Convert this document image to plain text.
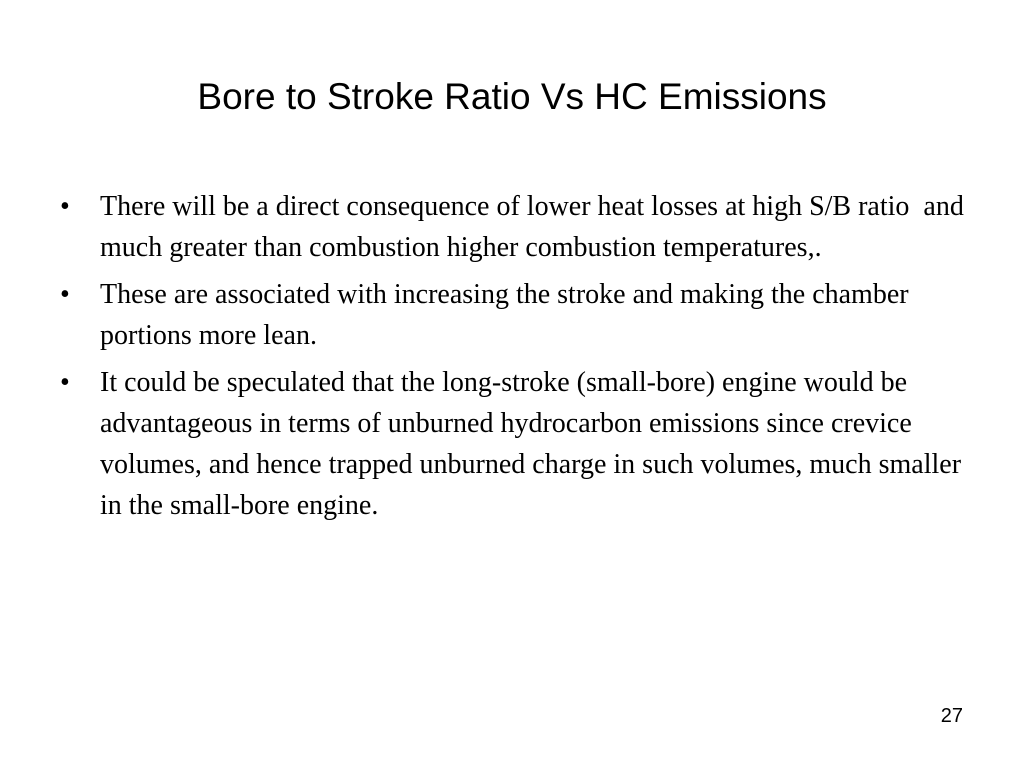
Bore to Stroke Ratio Vs HC Emissions
• There will be a direct consequence of lower heat losses at high S/B ratio  and much greater than combustion higher combustion temperatures,.
• These are associated with increasing the stroke and making the chamber portions more lean.
• It could be speculated that the long-stroke (small-bore) engine would be advantageous in terms of unburned hydrocarbon emissions since crevice volumes, and hence trapped unburned charge in such volumes, much smaller in the small-bore engine.
27
